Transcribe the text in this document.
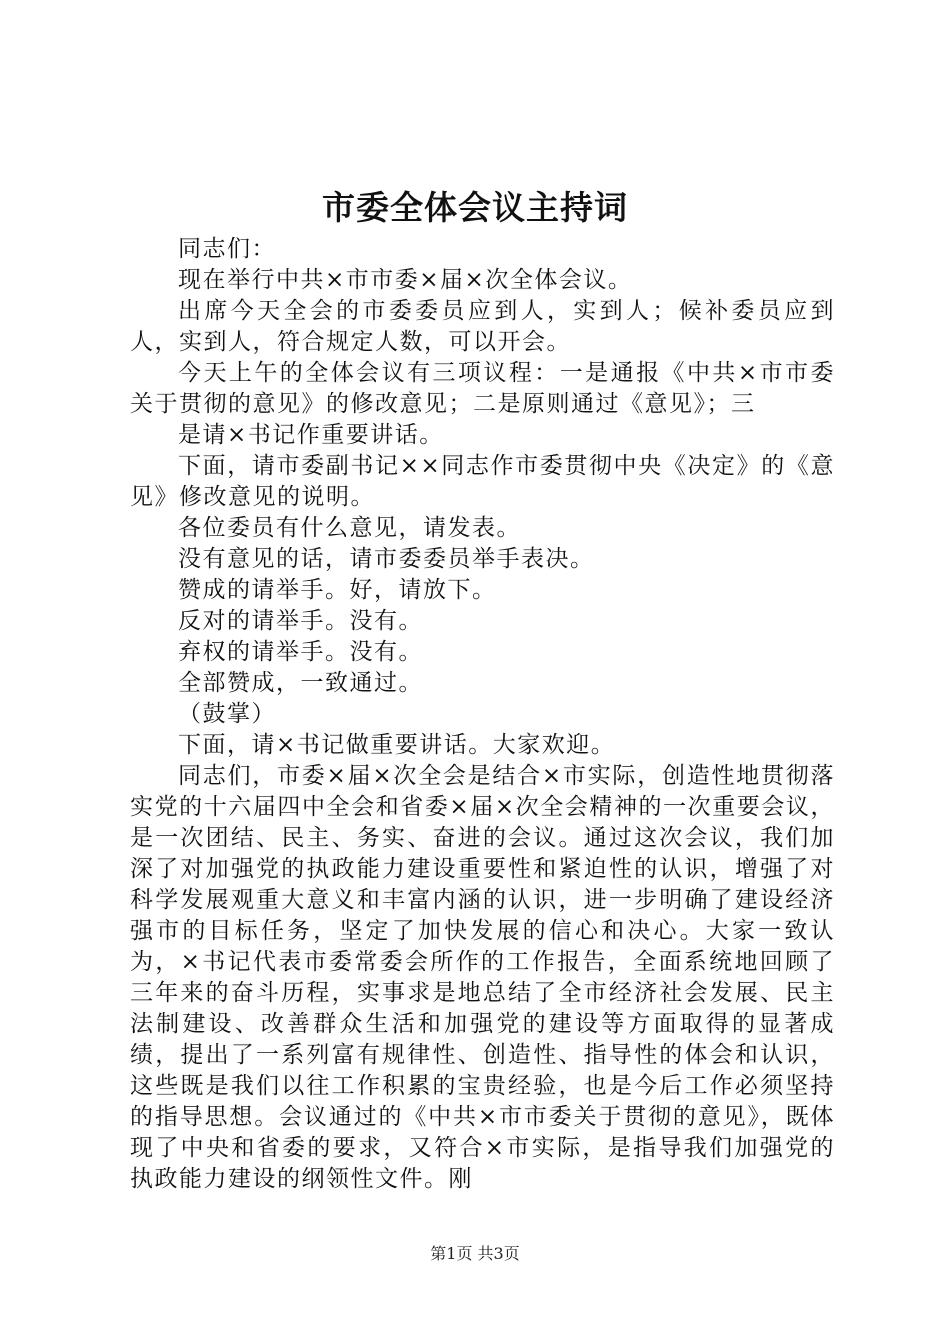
市委全体会议主持词

同志们：

现在举行中共×市市委×届×次全体会议。

出席今天全会的市委委员应到人，实到人；候补委员应到人，实到人，符合规定人数，可以开会。

今天上午的全体会议有三项议程：一是通报《中共×市市委关于贯彻的意见》的修改意见；二是原则通过《意见》；三

是请×书记作重要讲话。

下面，请市委副书记××同志作市委贯彻中央《决定》的《意见》修改意见的说明。

各位委员有什么意见，请发表。

没有意见的话，请市委委员举手表决。

赞成的请举手。好，请放下。

反对的请举手。没有。

弃权的请举手。没有。

全部赞成，一致通过。

（鼓掌）

下面，请×书记做重要讲话。大家欢迎。

同志们，市委×届×次全会是结合×市实际，创造性地贯彻落实党的十六届四中全会和省委×届×次全会精神的一次重要会议，是一次团结、民主、务实、奋进的会议。通过这次会议，我们加深了对加强党的执政能力建设重要性和紧迫性的认识，增强了对科学发展观重大意义和丰富内涵的认识，进一步明确了建设经济强市的目标任务，坚定了加快发展的信心和决心。大家一致认为，×书记代表市委常委会所作的工作报告，全面系统地回顾了三年来的奋斗历程，实事求是地总结了全市经济社会发展、民主法制建设、改善群众生活和加强党的建设等方面取得的显著成绩，提出了一系列富有规律性、创造性、指导性的体会和认识，这些既是我们以往工作积累的宝贵经验，也是今后工作必须坚持的指导思想。会议通过的《中共×市市委关于贯彻的意见》，既体现了中央和省委的要求，又符合×市实际，是指导我们加强党的执政能力建设的纲领性文件。刚

第1页 共3页
